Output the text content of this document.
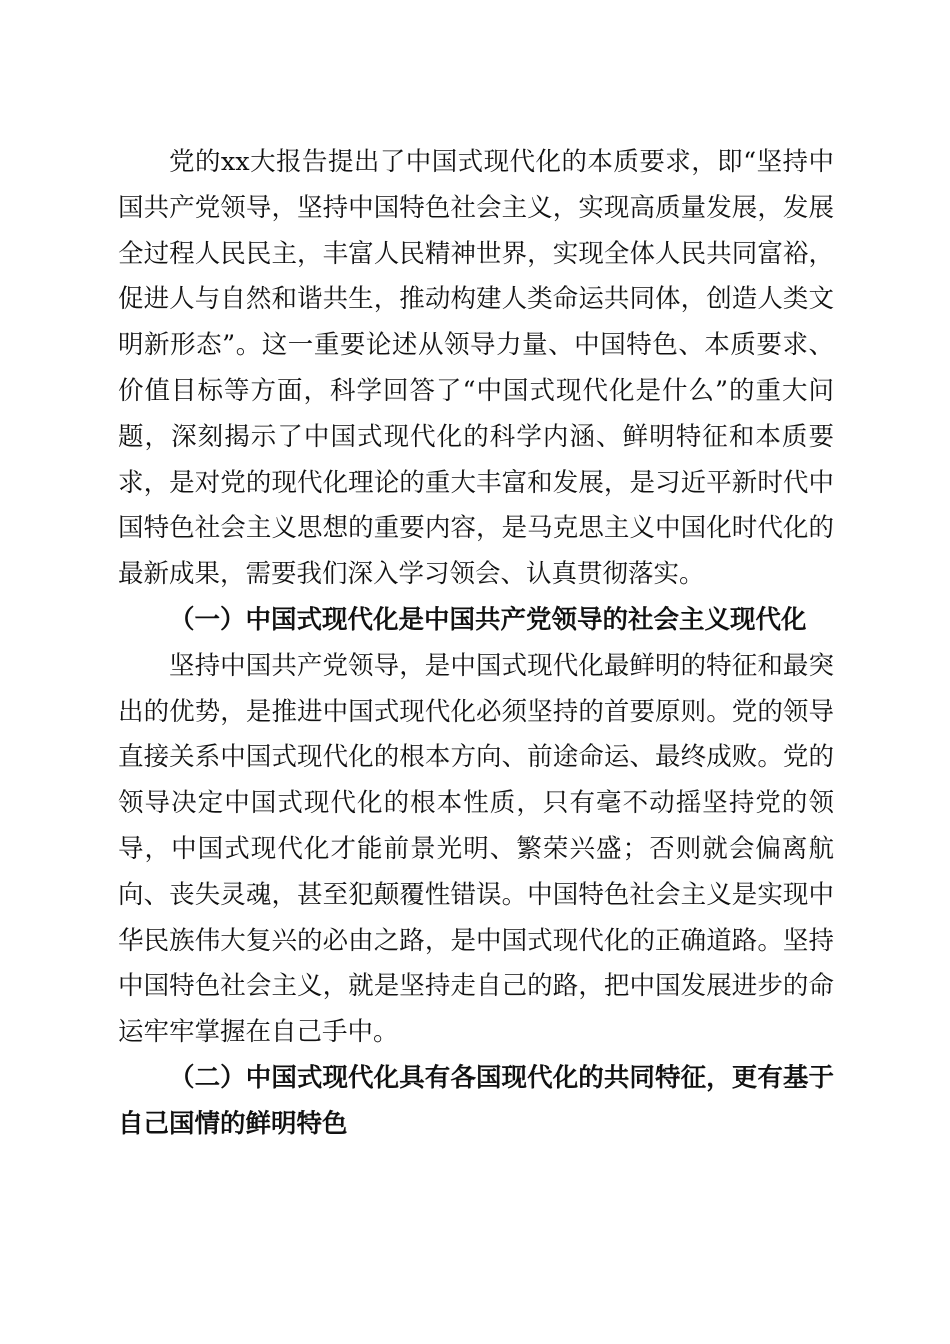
党的xx大报告提出了中国式现代化的本质要求，即“坚持中国共产党领导，坚持中国特色社会主义，实现高质量发展，发展全过程人民民主，丰富人民精神世界，实现全体人民共同富裕，促进人与自然和谐共生，推动构建人类命运共同体，创造人类文明新形态”。这一重要论述从领导力量、中国特色、本质要求、价值目标等方面，科学回答了“中国式现代化是什么”的重大问题，深刻揭示了中国式现代化的科学内涵、鲜明特征和本质要求，是对党的现代化理论的重大丰富和发展，是习近平新时代中国特色社会主义思想的重要内容，是马克思主义中国化时代化的最新成果，需要我们深入学习领会、认真贯彻落实。

（一）中国式现代化是中国共产党领导的社会主义现代化

坚持中国共产党领导，是中国式现代化最鲜明的特征和最突出的优势，是推进中国式现代化必须坚持的首要原则。党的领导直接关系中国式现代化的根本方向、前途命运、最终成败。党的领导决定中国式现代化的根本性质，只有毫不动摇坚持党的领导，中国式现代化才能前景光明、繁荣兴盛；否则就会偏离航向、丧失灵魂，甚至犯颠覆性错误。中国特色社会主义是实现中华民族伟大复兴的必由之路，是中国式现代化的正确道路。坚持中国特色社会主义，就是坚持走自己的路，把中国发展进步的命运牢牢掌握在自己手中。

（二）中国式现代化具有各国现代化的共同特征，更有基于自己国情的鲜明特色
